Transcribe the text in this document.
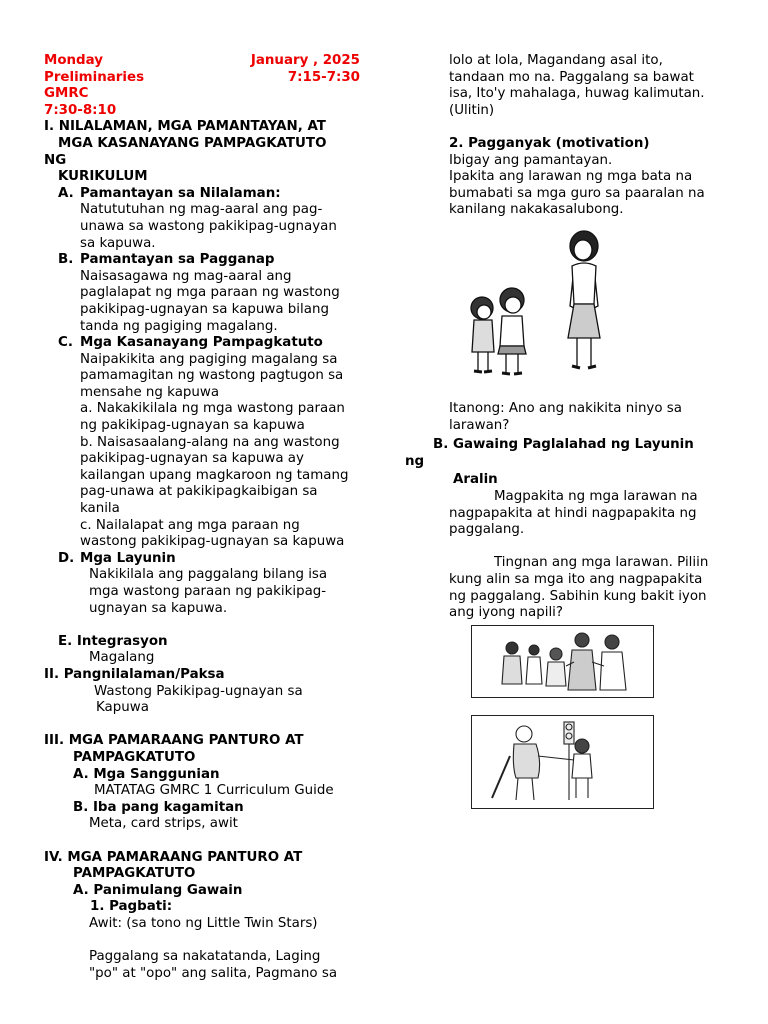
Monday	January , 2025
Preliminaries	7:15-7:30

GMRC

7:30-8:10

I. NILALAMAN, MGA PAMANTAYAN, AT

MGA KASANAYANG PAMPAGKATUTO

NG

KURIKULUM

A. Pamantayan sa Nilalaman:

Natututuhan ng mag-aaral ang pag-

unawa sa wastong pakikipag-ugnayan

sa kapuwa.

B. Pamantayan sa Pagganap

Naisasagawa ng mag-aaral ang

paglalapat ng mga paraan ng wastong

pakikipag-ugnayan sa kapuwa bilang

tanda ng pagiging magalang.

C. Mga Kasanayang Pampagkatuto

Naipakikita ang pagiging magalang sa

pamamagitan ng wastong pagtugon sa

mensahe ng kapuwa

a. Nakakikilala ng mga wastong paraan

ng pakikipag-ugnayan sa kapuwa

b. Naisasaalang-alang na ang wastong

pakikipag-ugnayan sa kapuwa ay

kailangan upang magkaroon ng tamang

pag-unawa at pakikipagkaibigan sa

kanila

c. Nailalapat ang mga paraan ng

wastong pakikipag-ugnayan sa kapuwa

D. Mga Layunin

Nakikilala ang paggalang bilang isa

mga wastong paraan ng pakikipag-

ugnayan sa kapuwa.

E. Integrasyon

Magalang

II. Pangnilalaman/Paksa

Wastong Pakikipag-ugnayan sa

Kapuwa

III. MGA PAMARAANG PANTURO AT

PAMPAGKATUTO

A. Mga Sanggunian

MATATAG GMRC 1 Curriculum Guide

B. Iba pang kagamitan

Meta, card strips, awit

IV. MGA PAMARAANG PANTURO AT

PAMPAGKATUTO

A. Panimulang Gawain

1. Pagbati:

Awit: (sa tono ng Little Twin Stars)

Paggalang sa nakatatanda, Laging

"po" at "opo" ang salita, Pagmano sa

lolo at lola, Magandang asal ito,

tandaan mo na. Paggalang sa bawat

isa, Ito'y mahalaga, huwag kalimutan.

(Ulitin)

2. Pagganyak (motivation)

Ibigay ang pamantayan.

Ipakita ang larawan ng mga bata na

bumabati sa mga guro sa paaralan na

kanilang nakakasalubong.

Itanong: Ano ang nakikita ninyo sa

larawan?

B. Gawaing Paglalahad ng Layunin

ng

Aralin

Magpakita ng mga larawan na

nagpapakita at hindi nagpapakita ng

paggalang.

Tingnan ang mga larawan. Piliin

kung alin sa mga ito ang nagpapakita

ng paggalang. Sabihin kung bakit iyon

ang iyong napili?
